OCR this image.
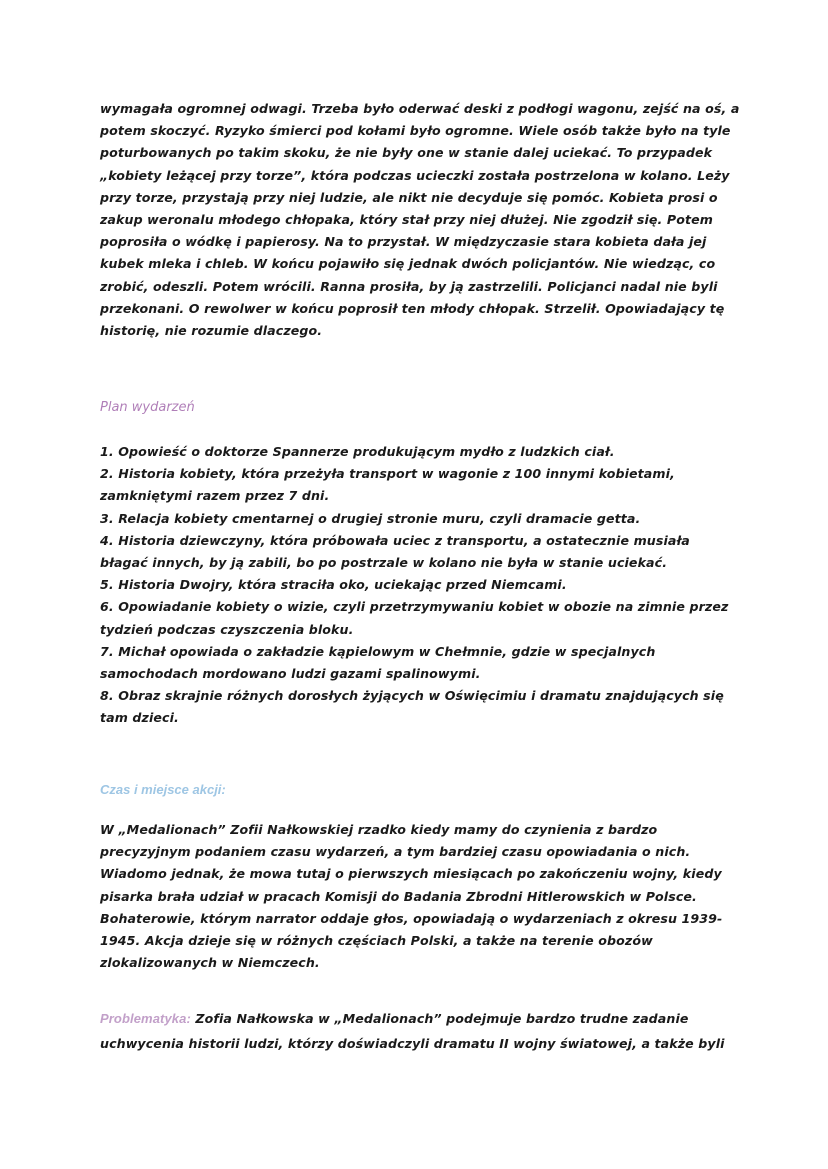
wymagała ogromnej odwagi. Trzeba było oderwać deski z podłogi wagonu, zejść na oś, a potem skoczyć. Ryzyko śmierci pod kołami było ogromne. Wiele osób także było na tyle poturbowanych po takim skoku, że nie były one w stanie dalej uciekać. To przypadek „kobiety leżącej przy torze”, która podczas ucieczki została postrzelona w kolano. Leży przy torze, przystają przy niej ludzie, ale nikt nie decyduje się pomóc. Kobieta prosi o zakup weronalu młodego chłopaka, który stał przy niej dłużej. Nie zgodził się. Potem poprosiła o wódkę i papierosy. Na to przystał. W międzyczasie stara kobieta dała jej kubek mleka i chleb. W końcu pojawiło się jednak dwóch policjantów. Nie wiedząc, co zrobić, odeszli. Potem wrócili. Ranna prosiła, by ją zastrzelili. Policjanci nadal nie byli przekonani. O rewolwer w końcu poprosił ten młody chłopak. Strzelił. Opowiadający tę historię, nie rozumie dlaczego.
Plan wydarzeń

1. Opowieść o doktorze Spannerze produkującym mydło z ludzkich ciał.

2. Historia kobiety, która przeżyła transport w wagonie z 100 innymi kobietami, zamkniętymi razem przez 7 dni.

3. Relacja kobiety cmentarnej o drugiej stronie muru, czyli dramacie getta.

4. Historia dziewczyny, która próbowała uciec z transportu, a ostatecznie musiała błagać innych, by ją zabili, bo po postrzale w kolano nie była w stanie uciekać.

5. Historia Dwojry, która straciła oko, uciekając przed Niemcami.

6. Opowiadanie kobiety o wizie, czyli przetrzymywaniu kobiet w obozie na zimnie przez tydzień podczas czyszczenia bloku.

7. Michał opowiada o zakładzie kąpielowym w Chełmnie, gdzie w specjalnych samochodach mordowano ludzi gazami spalinowymi.

8. Obraz skrajnie różnych dorosłych żyjących w Oświęcimiu i dramatu znajdujących się tam dzieci.

Czas i miejsce akcji:
W „Medalionach” Zofii Nałkowskiej rzadko kiedy mamy do czynienia z bardzo precyzyjnym podaniem czasu wydarzeń, a tym bardziej czasu opowiadania o nich. Wiadomo jednak, że mowa tutaj o pierwszych miesiącach po zakończeniu wojny, kiedy pisarka brała udział w pracach Komisji do Badania Zbrodni Hitlerowskich w Polsce. Bohaterowie, którym narrator oddaje głos, opowiadają o wydarzeniach z okresu 1939-1945. Akcja dzieje się w różnych częściach Polski, a także na terenie obozów zlokalizowanych w Niemczech.
Problematyka: Zofia Nałkowska w „Medalionach” podejmuje bardzo trudne zadanie uchwycenia historii ludzi, którzy doświadczyli dramatu II wojny światowej, a także byli
